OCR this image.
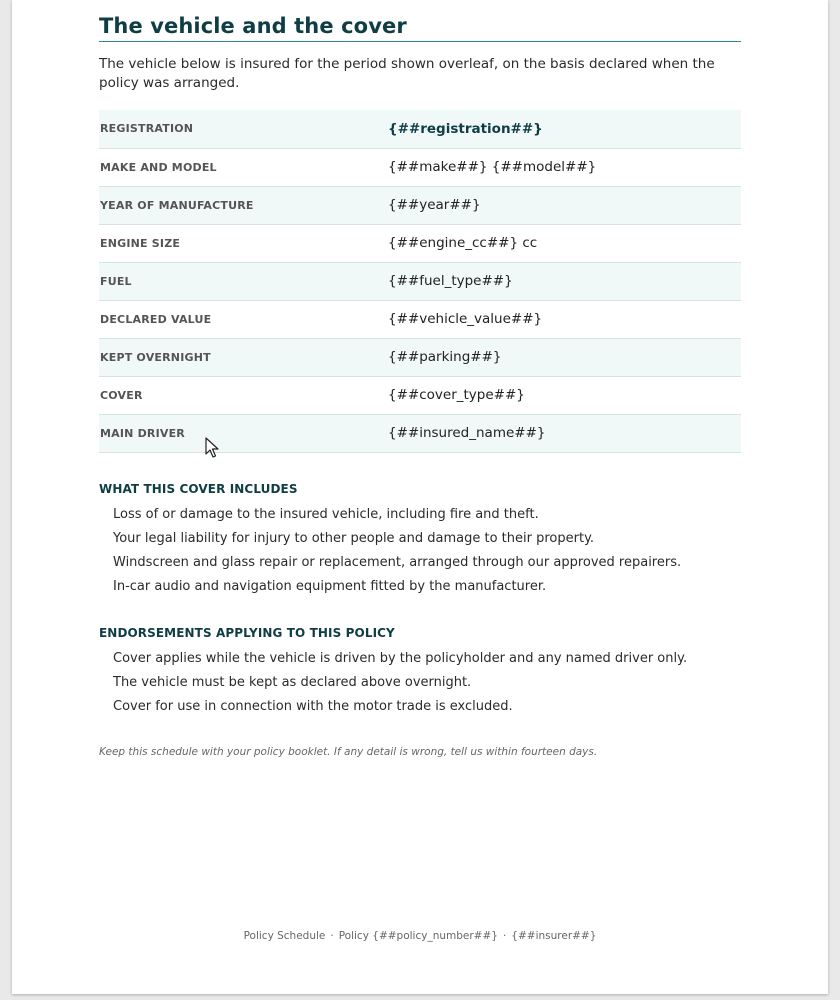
The vehicle and the cover

The vehicle below is insured for the period shown overleaf, on the basis declared when the policy was arranged.

REGISTRATION	{##registration##}
MAKE AND MODEL	{##make##} {##model##}
YEAR OF MANUFACTURE	{##year##}
ENGINE SIZE	{##engine_cc##} cc
FUEL	{##fuel_type##}
DECLARED VALUE	{##vehicle_value##}
KEPT OVERNIGHT	{##parking##}
COVER	{##cover_type##}
MAIN DRIVER	{##insured_name##}
WHAT THIS COVER INCLUDES
Loss of or damage to the insured vehicle, including fire and theft.
Your legal liability for injury to other people and damage to their property.
Windscreen and glass repair or replacement, arranged through our approved repairers.
In-car audio and navigation equipment fitted by the manufacturer.
ENDORSEMENTS APPLYING TO THIS POLICY
Cover applies while the vehicle is driven by the policyholder and any named driver only.
The vehicle must be kept as declared above overnight.
Cover for use in connection with the motor trade is excluded.

Keep this schedule with your policy booklet. If any detail is wrong, tell us within fourteen days.

Policy Schedule · Policy {##policy_number##} · {##insurer##}
